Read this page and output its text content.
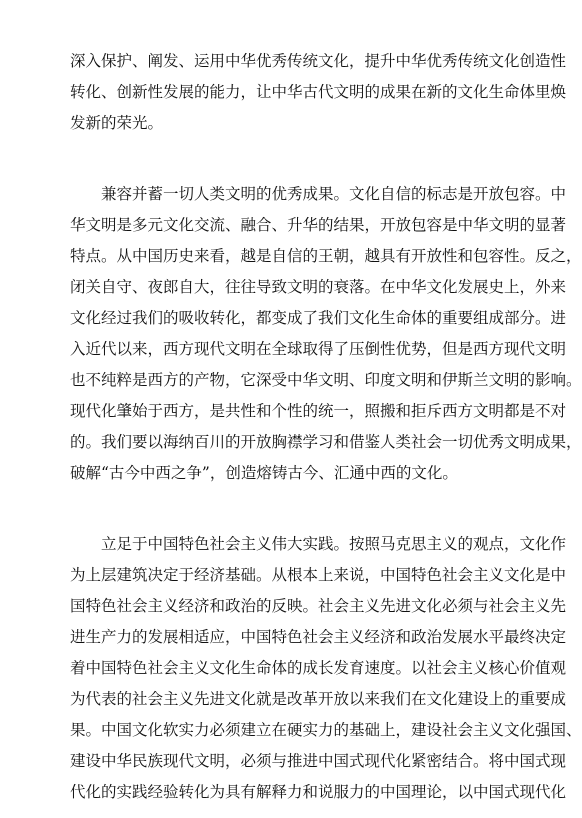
深入保护、阐发、运用中华优秀传统文化，提升中华优秀传统文化创造性
转化、创新性发展的能力，让中华古代文明的成果在新的文化生命体里焕
发新的荣光。
兼容并蓄一切人类文明的优秀成果。文化自信的标志是开放包容。中
华文明是多元文化交流、融合、升华的结果，开放包容是中华文明的显著
特点。从中国历史来看，越是自信的王朝，越具有开放性和包容性。反之，
闭关自守、夜郎自大，往往导致文明的衰落。在中华文化发展史上，外来
文化经过我们的吸收转化，都变成了我们文化生命体的重要组成部分。进
入近代以来，西方现代文明在全球取得了压倒性优势，但是西方现代文明
也不纯粹是西方的产物，它深受中华文明、印度文明和伊斯兰文明的影响。
现代化肇始于西方，是共性和个性的统一，照搬和拒斥西方文明都是不对
的。我们要以海纳百川的开放胸襟学习和借鉴人类社会一切优秀文明成果，
破解“古今中西之争”，创造熔铸古今、汇通中西的文化。
立足于中国特色社会主义伟大实践。按照马克思主义的观点，文化作
为上层建筑决定于经济基础。从根本上来说，中国特色社会主义文化是中
国特色社会主义经济和政治的反映。社会主义先进文化必须与社会主义先
进生产力的发展相适应，中国特色社会主义经济和政治发展水平最终决定
着中国特色社会主义文化生命体的成长发育速度。以社会主义核心价值观
为代表的社会主义先进文化就是改革开放以来我们在文化建设上的重要成
果。中国文化软实力必须建立在硬实力的基础上，建设社会主义文化强国、
建设中华民族现代文明，必须与推进中国式现代化紧密结合。将中国式现
代化的实践经验转化为具有解释力和说服力的中国理论，以中国式现代化
